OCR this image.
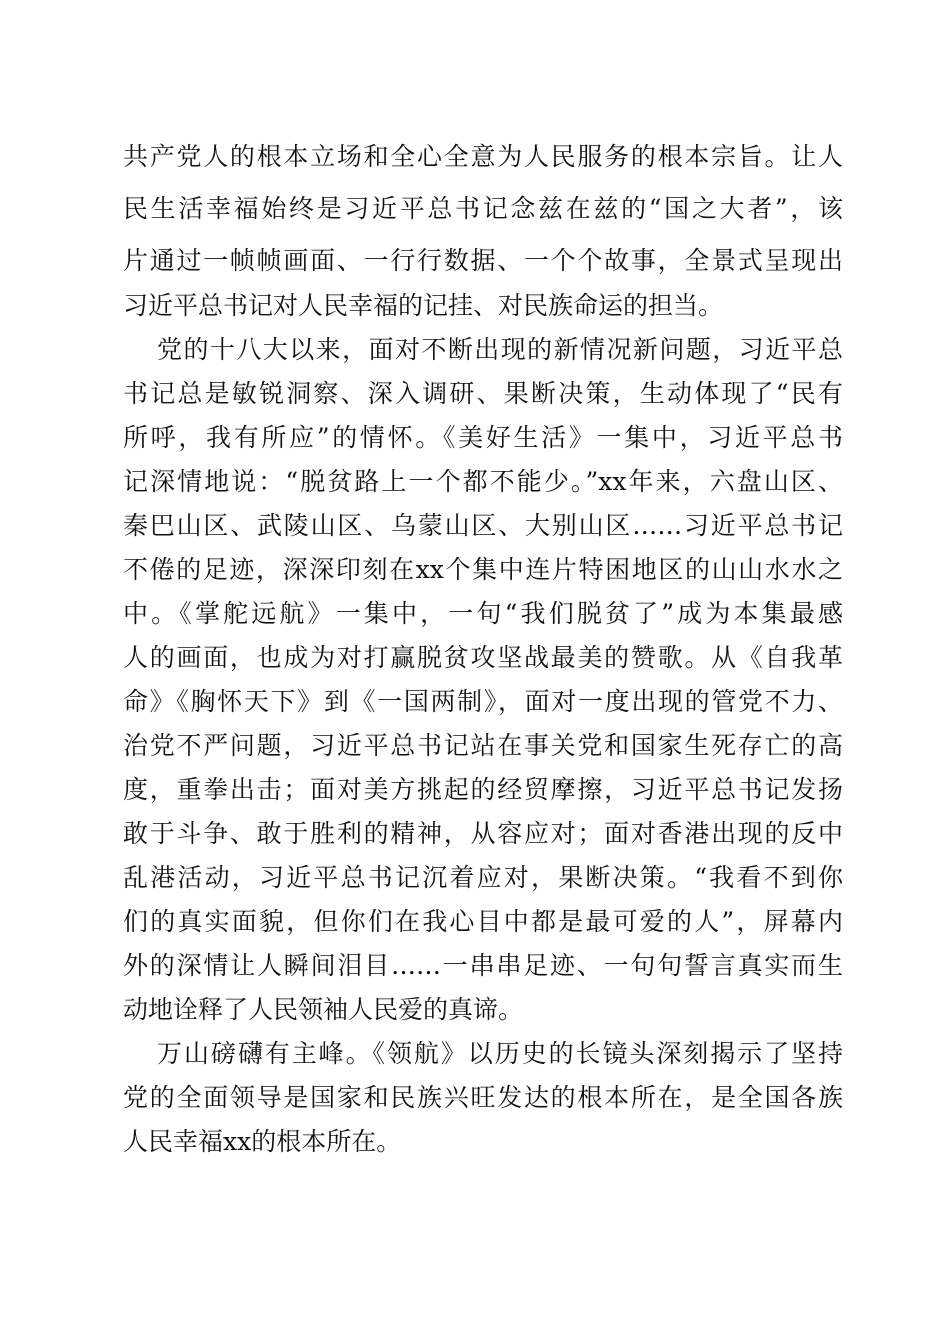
共产党人的根本立场和全心全意为人民服务的根本宗旨。让人
民生活幸福始终是习近平总书记念兹在兹的“国之大者”，该
片通过一帧帧画面、一行行数据、一个个故事，全景式呈现出
习近平总书记对人民幸福的记挂、对民族命运的担当。
党的十八大以来，面对不断出现的新情况新问题，习近平总
书记总是敏锐洞察、深入调研、果断决策，生动体现了“民有
所呼，我有所应”的情怀。《美好生活》一集中，习近平总书
记深情地说：“脱贫路上一个都不能少。”xx年来，六盘山区、
秦巴山区、武陵山区、乌蒙山区、大别山区……习近平总书记
不倦的足迹，深深印刻在xx个集中连片特困地区的山山水水之
中。《掌舵远航》一集中，一句“我们脱贫了”成为本集最感
人的画面，也成为对打赢脱贫攻坚战最美的赞歌。从《自我革
命》《胸怀天下》到《一国两制》，面对一度出现的管党不力、
治党不严问题，习近平总书记站在事关党和国家生死存亡的高
度，重拳出击；面对美方挑起的经贸摩擦，习近平总书记发扬
敢于斗争、敢于胜利的精神，从容应对；面对香港出现的反中
乱港活动，习近平总书记沉着应对，果断决策。“我看不到你
们的真实面貌，但你们在我心目中都是最可爱的人”，屏幕内
外的深情让人瞬间泪目……一串串足迹、一句句誓言真实而生
动地诠释了人民领袖人民爱的真谛。
万山磅礴有主峰。《领航》以历史的长镜头深刻揭示了坚持
党的全面领导是国家和民族兴旺发达的根本所在，是全国各族
人民幸福xx的根本所在。
